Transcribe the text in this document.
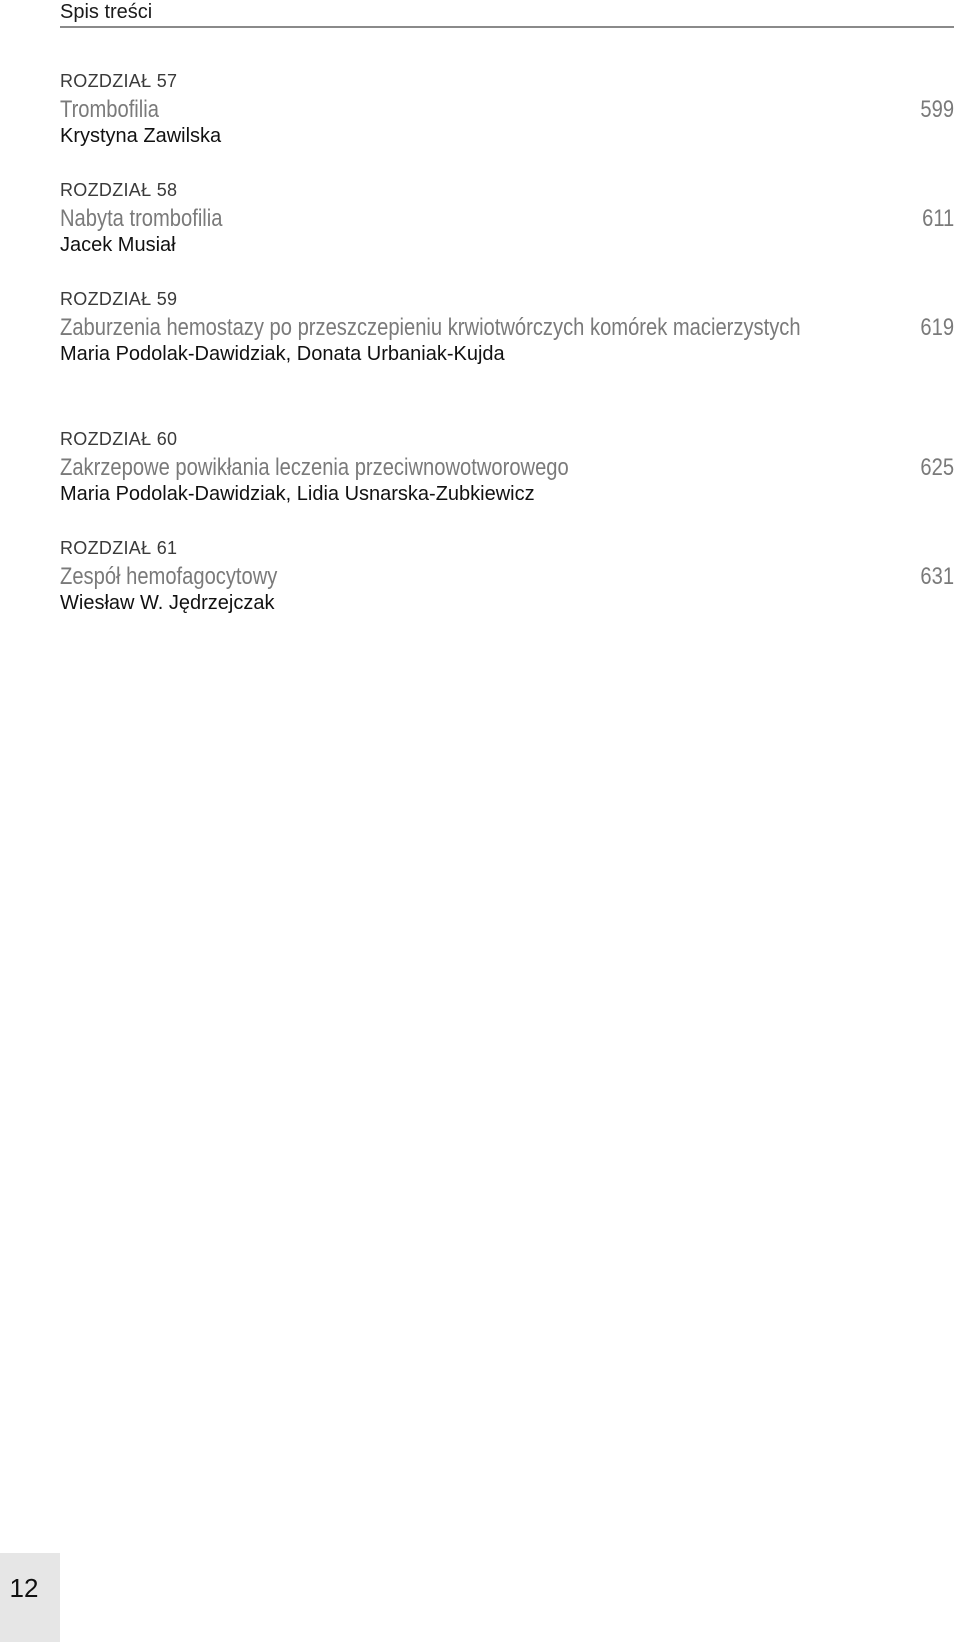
Spis treści
ROZDZIAŁ 57
Trombofilia	599
Krystyna Zawilska
ROZDZIAŁ 58
Nabyta trombofilia	611
Jacek Musiał
ROZDZIAŁ 59
Zaburzenia hemostazy po przeszczepieniu krwiotwórczych komórek macierzystych	619
Maria Podolak-Dawidziak, Donata Urbaniak-Kujda
ROZDZIAŁ 60
Zakrzepowe powikłania leczenia przeciwnowotworowego	625
Maria Podolak-Dawidziak, Lidia Usnarska-Zubkiewicz
ROZDZIAŁ 61
Zespół hemofagocytowy	631
Wiesław W. Jędrzejczak
12
